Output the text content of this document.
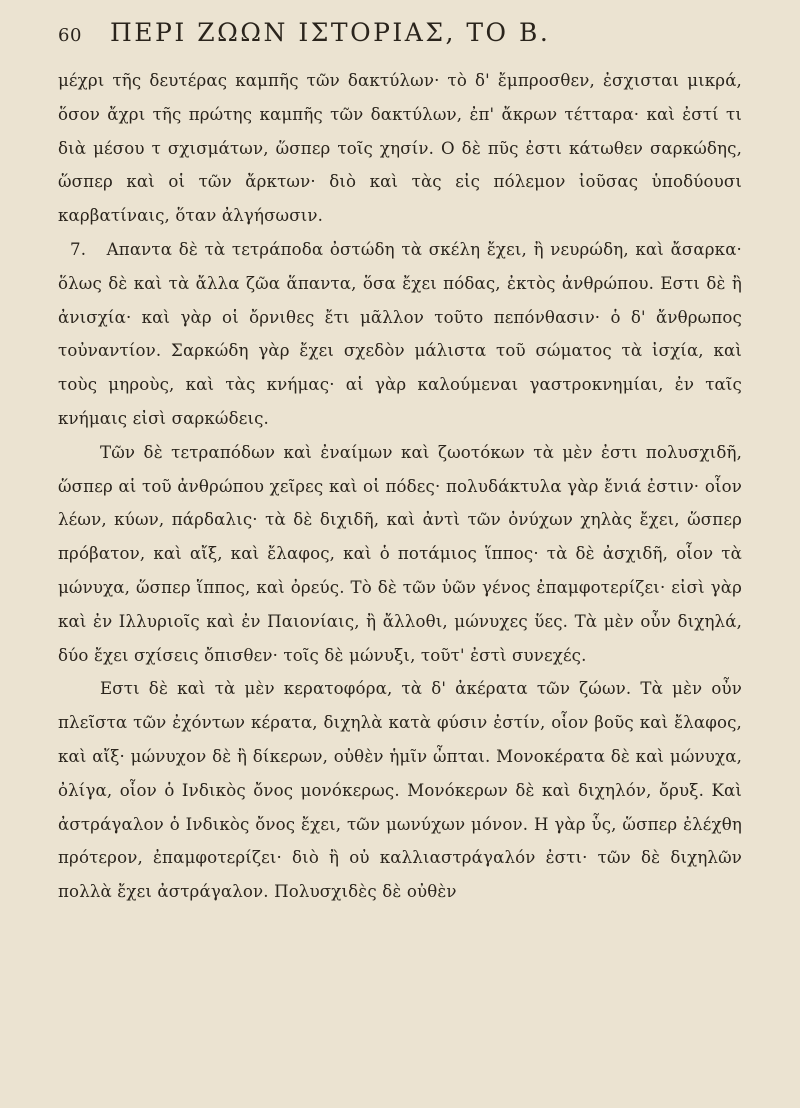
60	ΠΕΡΙ ΖΩΩΝ ΙΣΤΟΡΙΑΣ, ΤΟ Β.

μέχρι τῆς δευτέρας καμπῆς τῶν δακτύλων· τὸ δ' ἔμπροσθεν, ἐσχισται μικρά, ὅσον ἄχρι τῆς πρώτης καμπῆς τῶν δακτύλων, ἐπ' ἄκρων τέτταρα· καὶ ἐστί τι διὰ μέσου τ σχισμάτων, ὥσπερ τοῖς χησίν. Ο δὲ πῦς ἐστι κάτωθεν σαρκώδης, ὥσπερ καὶ οἱ τῶν ἄρκτων· διὸ καὶ τὰς εἰς πόλεμον ἰοῦσας ὑποδύουσι καρβατίναις, ὅταν ἀλγήσωσιν.

7. Απαντα δὲ τὰ τετράποδα ὀστώδη τὰ σκέλη ἔχει, ἢ νευρώδη, καὶ ἄσαρκα· ὅλως δὲ καὶ τὰ ἄλλα ζῶα ἅπαντα, ὅσα ἔχει πόδας, ἐκτὸς ἀνθρώπου. Εστι δὲ ἢ ἀνισχία· καὶ γὰρ οἱ ὄρνιθες ἔτι μᾶλλον τοῦτο πεπόνθασιν· ὁ δ' ἄνθρωπος τοὐναντίον. Σαρκώδη γὰρ ἔχει σχεδὸν μάλιστα τοῦ σώματος τὰ ἰσχία, καὶ τοὺς μηροὺς, καὶ τὰς κνήμας· αἱ γὰρ καλούμεναι γαστροκνημίαι, ἐν ταῖς κνήμαις εἰσὶ σαρκώδεις.

Τῶν δὲ τετραπόδων καὶ ἐναίμων καὶ ζωοτόκων τὰ μὲν ἐστι πολυσχιδῆ, ὥσπερ αἱ τοῦ ἀνθρώπου χεῖρες καὶ οἱ πόδες· πολυδάκτυλα γὰρ ἔνιά ἐστιν· οἷον λέων, κύων, πάρδαλις· τὰ δὲ διχιδῆ, καὶ ἀντὶ τῶν ὀνύχων χηλὰς ἔχει, ὥσπερ πρόβατον, καὶ αἴξ, καὶ ἔλαφος, καὶ ὁ ποτάμιος ἵππος· τὰ δὲ ἀσχιδῆ, οἷον τὰ μώνυχα, ὥσπερ ἵππος, καὶ ὀρεύς. Τὸ δὲ τῶν ὑῶν γένος ἐπαμφοτερίζει· εἰσὶ γὰρ καὶ ἐν Ιλλυριοῖς καὶ ἐν Παιονίαις, ἢ ἄλλοθι, μώνυχες ὕες. Τὰ μὲν οὖν διχηλά, δύο ἔχει σχίσεις ὄπισθεν· τοῖς δὲ μώνυξι, τοῦτ' ἐστὶ συνεχές.

Εστι δὲ καὶ τὰ μὲν κερατοφόρα, τὰ δ' ἀκέρατα τῶν ζώων. Τὰ μὲν οὖν πλεῖστα τῶν ἐχόντων κέρατα, διχηλὰ κατὰ φύσιν ἐστίν, οἷον βοῦς καὶ ἔλαφος, καὶ αἴξ· μώνυχον δὲ ἢ δίκερων, οὐθὲν ἡμῖν ὦπται. Μονοκέρατα δὲ καὶ μώνυχα, ὀλίγα, οἷον ὁ Ινδικὸς ὄνος μονόκερως. Μονόκερων δὲ καὶ διχηλόν, ὄρυξ. Καὶ ἀστράγαλον ὁ Ινδικὸς ὄνος ἔχει, τῶν μωνύχων μόνον. Η γὰρ ὗς, ὥσπερ ἐλέχθη πρότερον, ἐπαμφοτερίζει· διὸ ἢ οὐ καλλιαστράγαλόν ἐστι· τῶν δὲ διχηλῶν πολλὰ ἔχει ἀστράγαλον. Πολυσχιδὲς δὲ οὐθὲν
